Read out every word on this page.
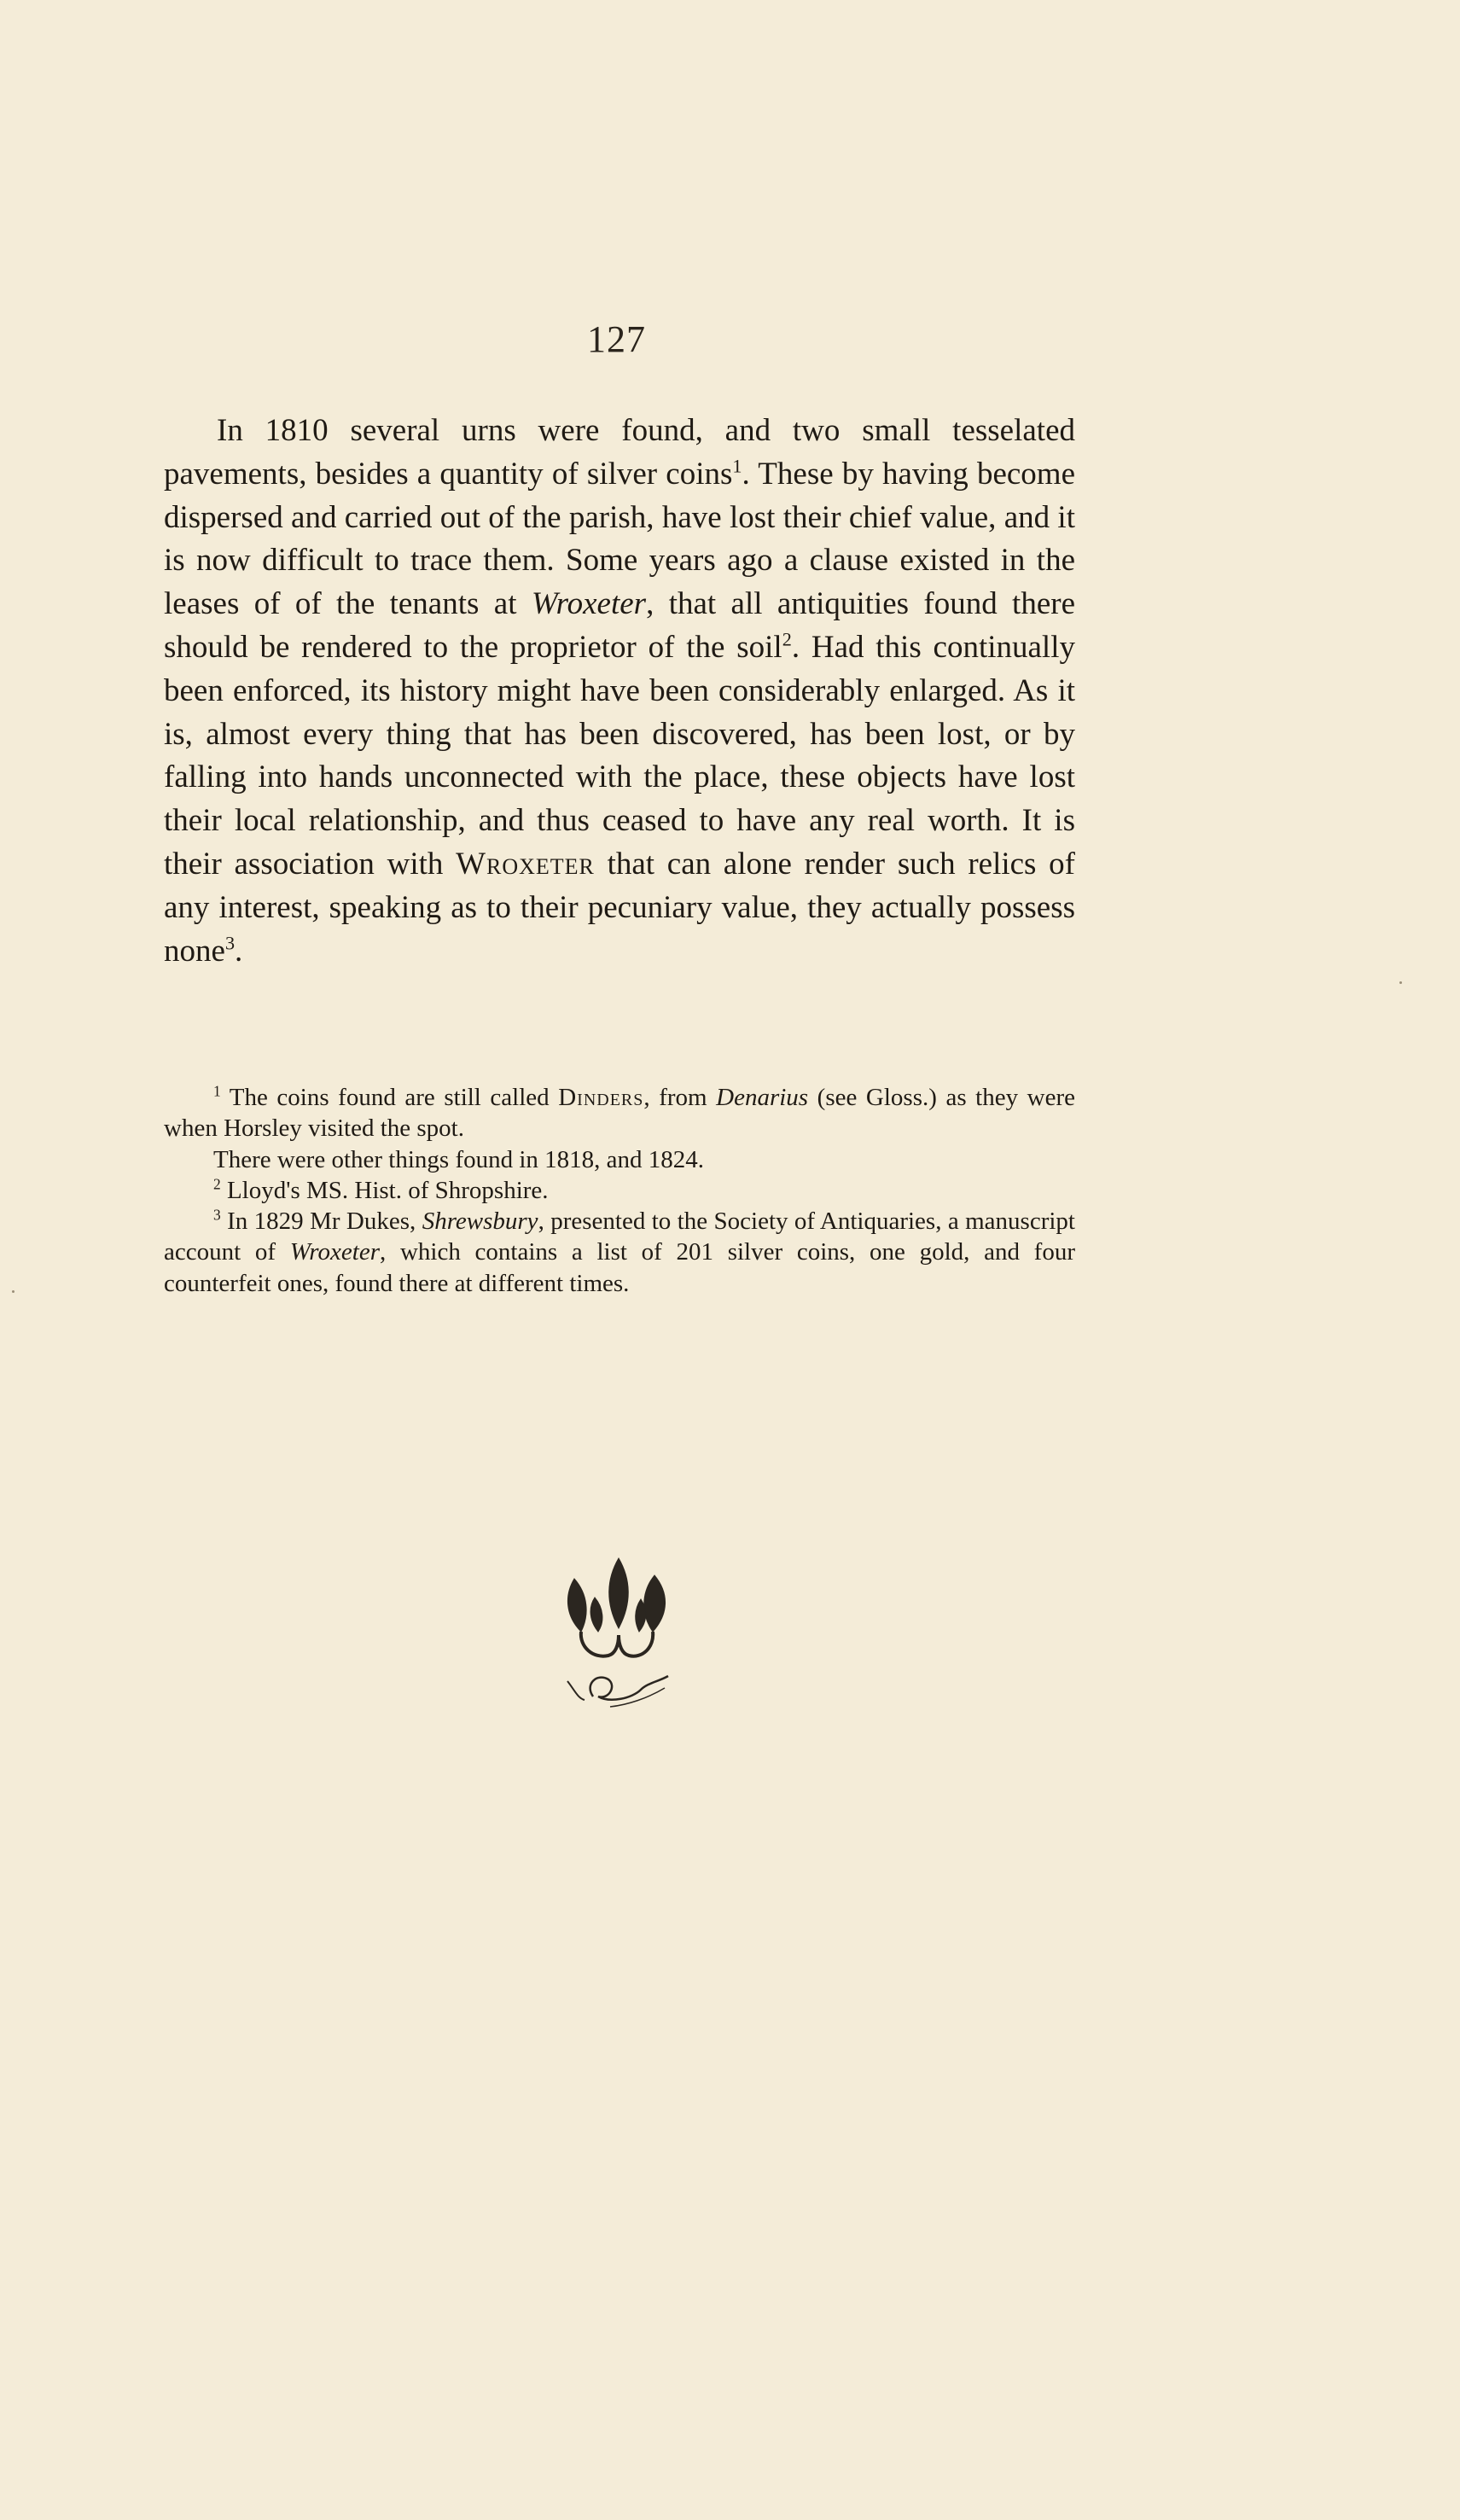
127

In 1810 several urns were found, and two small tesselated pavements, besides a quantity of silver coins$^1$. These by having become dispersed and carried out of the parish, have lost their chief value, and it is now difficult to trace them. Some years ago a clause existed in the leases of of the tenants at Wroxeter, that all antiquities found there should be rendered to the proprietor of the soil$^2$. Had this continually been enforced, its history might have been considerably enlarged. As it is, almost every thing that has been discovered, has been lost, or by falling into hands unconnected with the place, these objects have lost their local relationship, and thus ceased to have any real worth. It is their association with Wroxeter that can alone render such relics of any interest, speaking as to their pecuniary value, they actually possess none$^3$.

$^1$ The coins found are still called Dinders, from Denarius (see Gloss.) as they were when Horsley visited the spot.

There were other things found in 1818, and 1824.

$^2$ Lloyd's MS. Hist. of Shropshire.

$^3$ In 1829 Mr Dukes, Shrewsbury, presented to the Society of Antiquaries, a manuscript account of Wroxeter, which contains a list of 201 silver coins, one gold, and four counterfeit ones, found there at different times.
